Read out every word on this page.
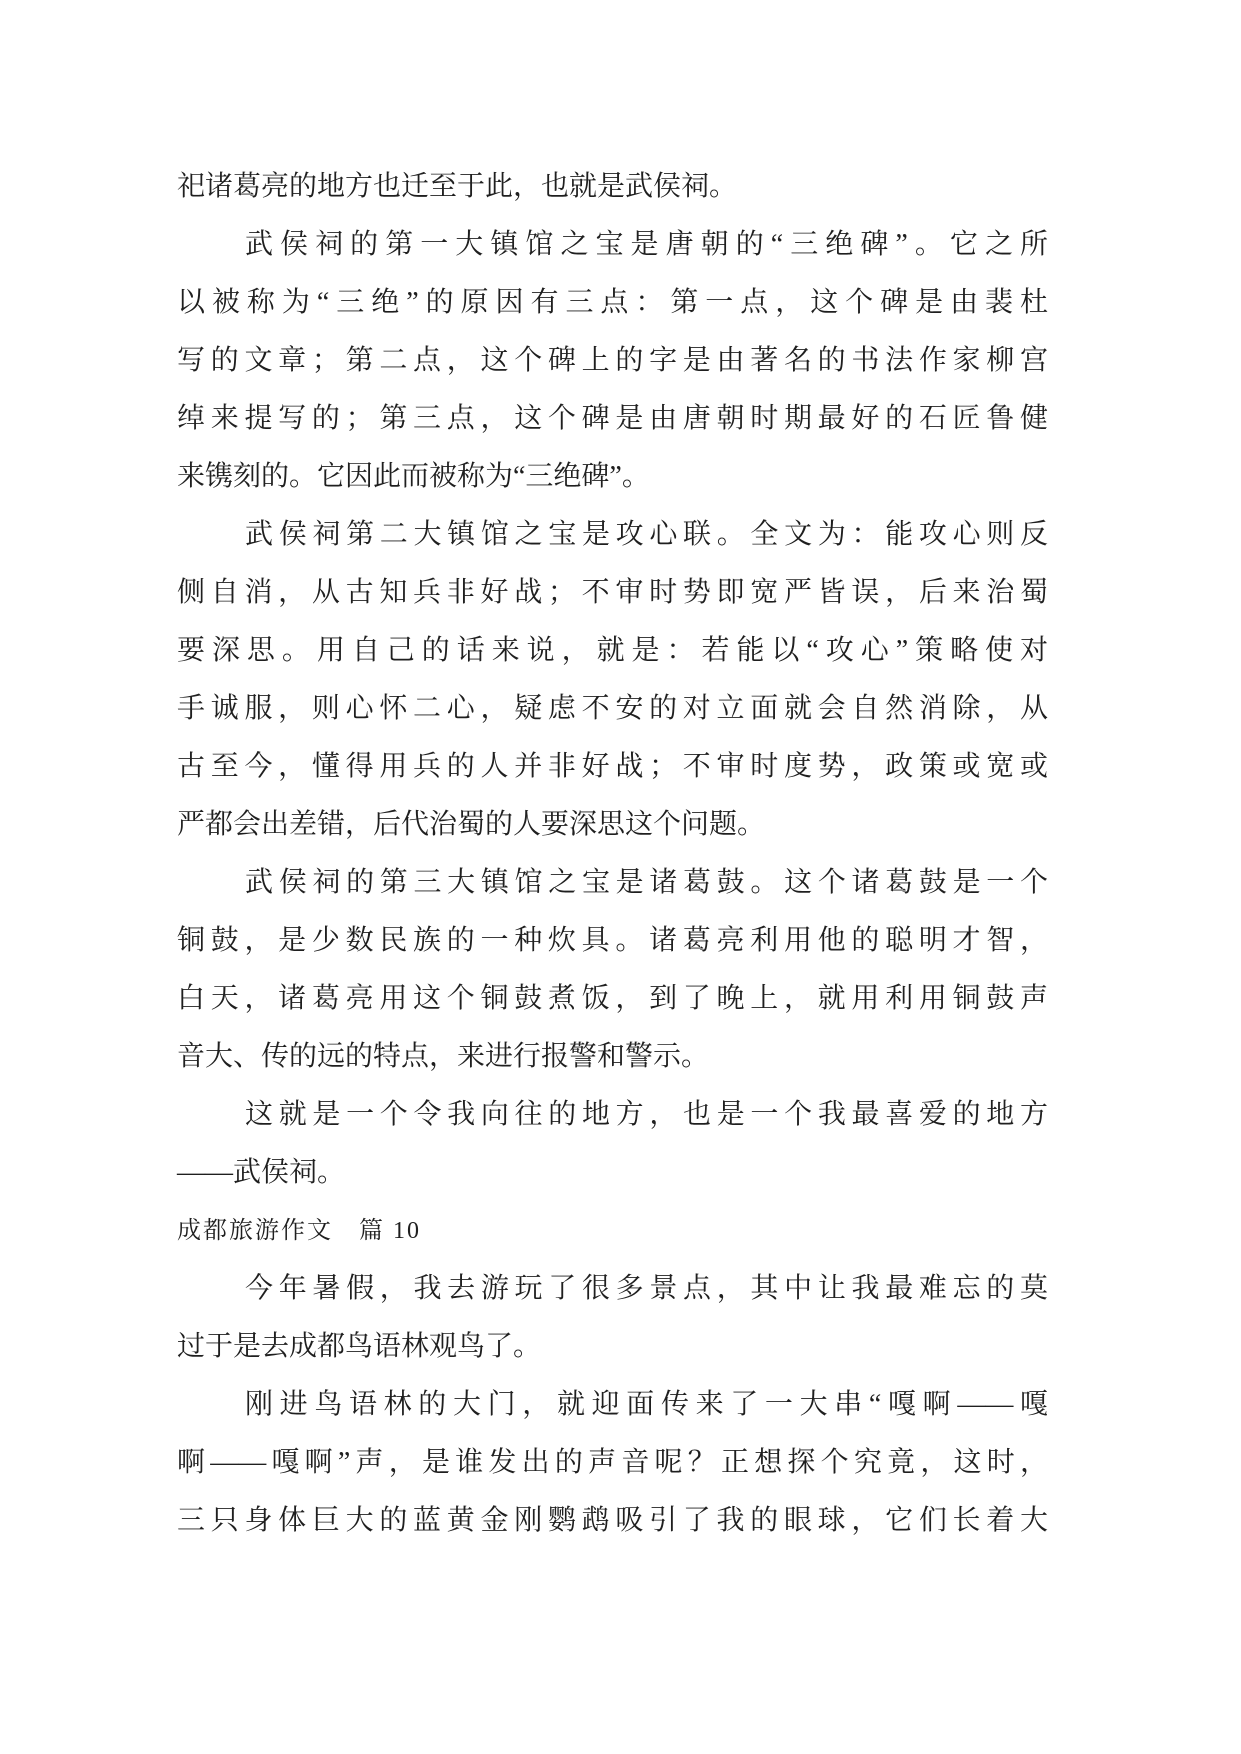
祀诸葛亮的地方也迁至于此，也就是武侯祠。
武侯祠的第一大镇馆之宝是唐朝的“三绝碑”。它之所
以被称为“三绝”的原因有三点：第一点，这个碑是由裴杜
写的文章；第二点，这个碑上的字是由著名的书法作家柳宫
绰来提写的；第三点，这个碑是由唐朝时期最好的石匠鲁健
来镌刻的。它因此而被称为“三绝碑”。
武侯祠第二大镇馆之宝是攻心联。全文为：能攻心则反
侧自消，从古知兵非好战；不审时势即宽严皆误，后来治蜀
要深思。用自己的话来说，就是：若能以“攻心”策略使对
手诚服，则心怀二心，疑虑不安的对立面就会自然消除，从
古至今，懂得用兵的人并非好战；不审时度势，政策或宽或
严都会出差错，后代治蜀的人要深思这个问题。
武侯祠的第三大镇馆之宝是诸葛鼓。这个诸葛鼓是一个
铜鼓，是少数民族的一种炊具。诸葛亮利用他的聪明才智，
白天，诸葛亮用这个铜鼓煮饭，到了晚上，就用利用铜鼓声
音大、传的远的特点，来进行报警和警示。
这就是一个令我向往的地方，也是一个我最喜爱的地方
——武侯祠。
成都旅游作文　篇 10
今年暑假，我去游玩了很多景点，其中让我最难忘的莫
过于是去成都鸟语林观鸟了。
刚进鸟语林的大门，就迎面传来了一大串“嘎啊——嘎
啊——嘎啊”声，是谁发出的声音呢？正想探个究竟，这时，
三只身体巨大的蓝黄金刚鹦鹉吸引了我的眼球，它们长着大
